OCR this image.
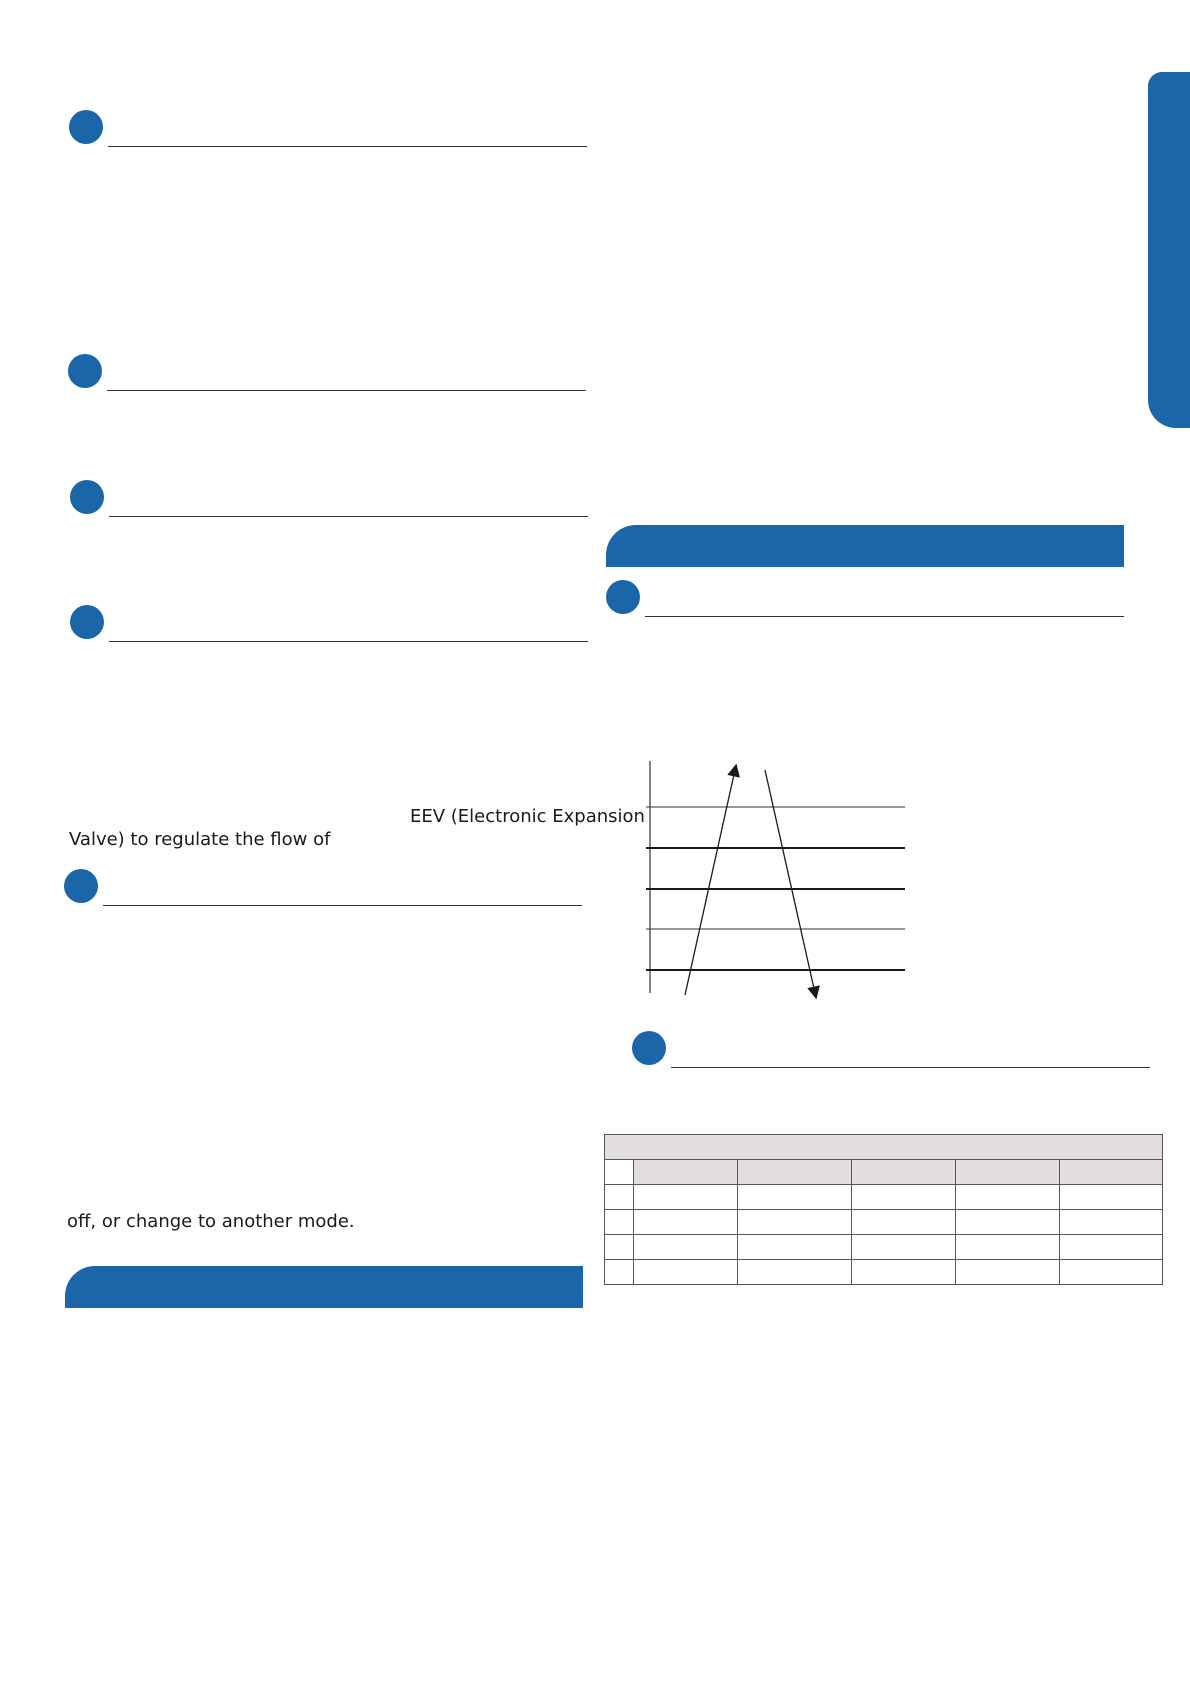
EEV (Electronic Expansion
Valve) to regulate the flow of
off, or change to another mode.
